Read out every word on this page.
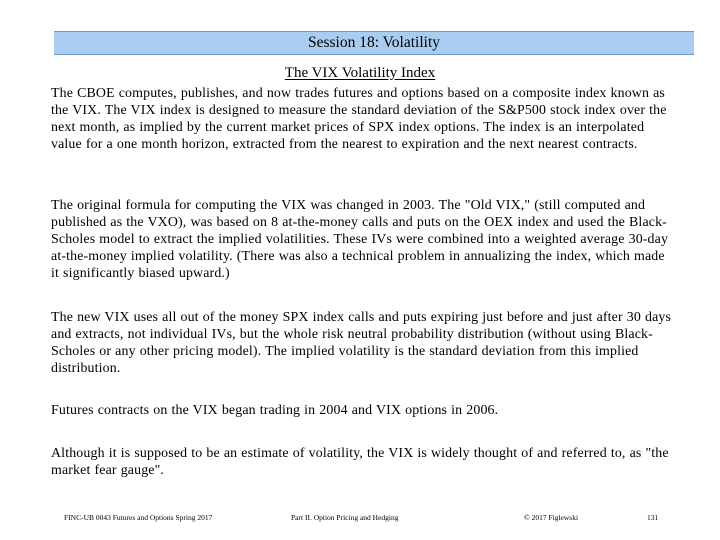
Session 18: Volatility
The VIX Volatility Index

The CBOE computes, publishes, and now trades futures and options based on a composite index known as the VIX. The VIX index is designed to measure the standard deviation of the S&P500 stock index over the next month, as implied by the current market prices of SPX index options. The index is an interpolated value for a one month horizon, extracted from the nearest to expiration and the next nearest contracts.

The original formula for computing the VIX was changed in 2003. The "Old VIX," (still computed and published as the VXO), was based on 8 at-the-money calls and puts on the OEX index and used the Black-Scholes model to extract the implied volatilities. These IVs were combined into a weighted average 30-day at-the-money implied volatility. (There was also a technical problem in annualizing the index, which made it significantly biased upward.)

The new VIX uses all out of the money SPX index calls and puts expiring just before and just after 30 days and extracts, not individual IVs, but the whole risk neutral probability distribution (without using Black-Scholes or any other pricing model). The implied volatility is the standard deviation from this implied distribution.

Futures contracts on the VIX began trading in 2004 and VIX options in 2006.

Although it is supposed to be an estimate of volatility, the VIX is widely thought of and referred to, as "the market fear gauge".

FINC-UB 0043 Futures and Options Spring 2017	Part II. Option Pricing and Hedging	© 2017 Figlewski	131
